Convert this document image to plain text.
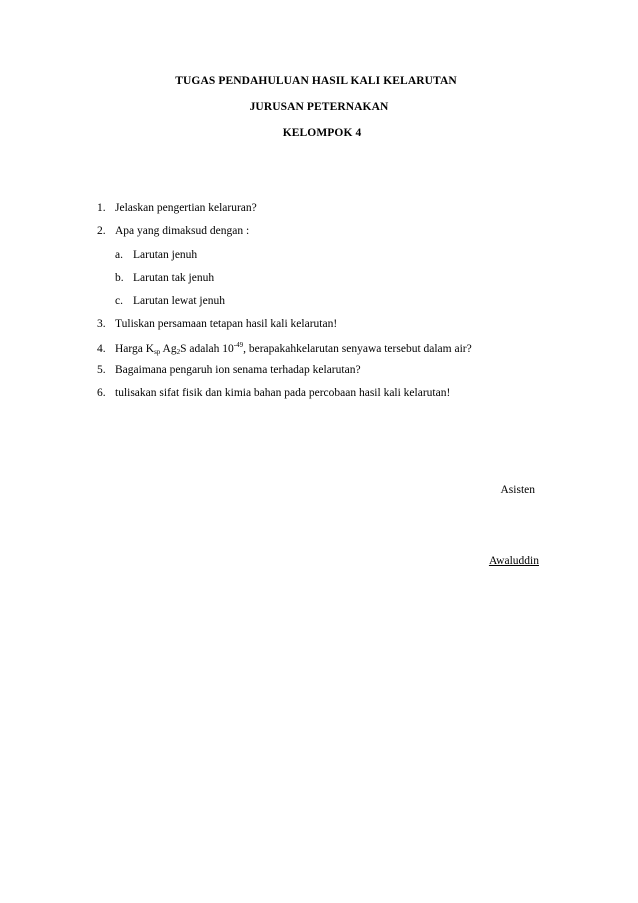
TUGAS PENDAHULUAN HASIL KALI KELARUTAN
JURUSAN PETERNAKAN
KELOMPOK 4
1. Jelaskan pengertian kelaruran?
2. Apa yang dimaksud dengan :
a. Larutan jenuh
b. Larutan tak jenuh
c. Larutan lewat jenuh
3. Tuliskan persamaan tetapan hasil kali kelarutan!
4. Harga $K_{sp}$ $Ag_2S$ adalah $10^{-49}$, berapakahkelarutan senyawa tersebut dalam air?
5. Bagaimana pengaruh ion senama terhadap kelarutan?
6. tulisakan sifat fisik dan kimia bahan pada percobaan hasil kali kelarutan!
Asisten
Awaluddin
